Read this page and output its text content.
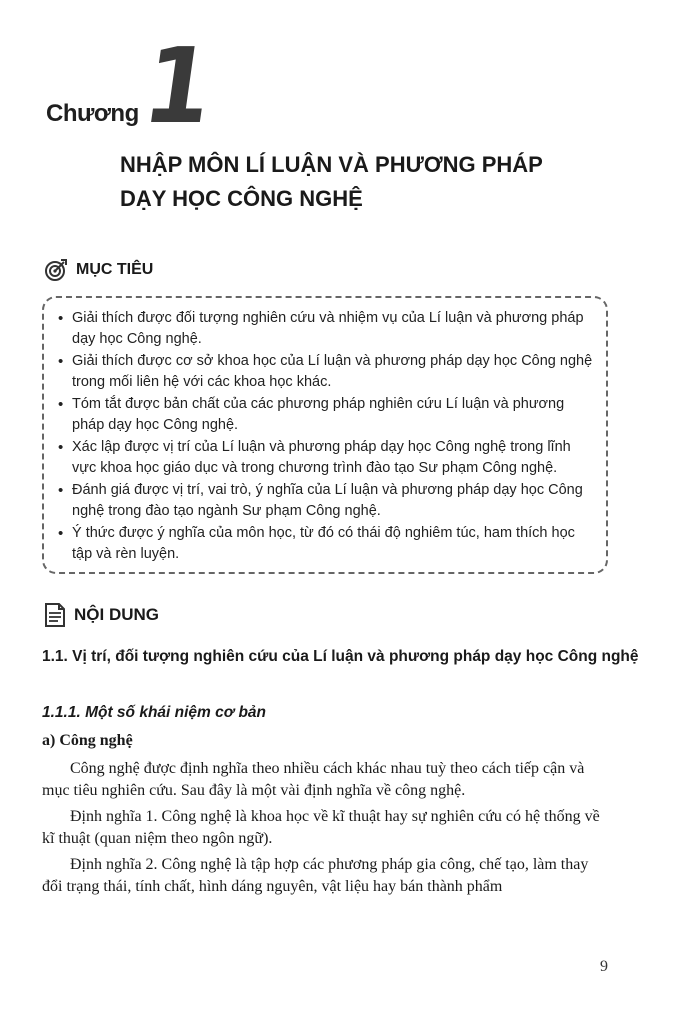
Chương
1
NHẬP MÔN LÍ LUẬN VÀ PHƯƠNG PHÁP
DẠY HỌC CÔNG NGHỆ
MỤC TIÊU
• Giải thích được đối tượng nghiên cứu và nhiệm vụ của Lí luận và phương pháp dạy học Công nghệ.
• Giải thích được cơ sở khoa học của Lí luận và phương pháp dạy học Công nghệ trong mối liên hệ với các khoa học khác.
• Tóm tắt được bản chất của các phương pháp nghiên cứu Lí luận và phương pháp dạy học Công nghệ.
• Xác lập được vị trí của Lí luận và phương pháp dạy học Công nghệ trong lĩnh vực khoa học giáo dục và trong chương trình đào tạo Sư phạm Công nghệ.
• Đánh giá được vị trí, vai trò, ý nghĩa của Lí luận và phương pháp dạy học Công nghệ trong đào tạo ngành Sư phạm Công nghệ.
• Ý thức được ý nghĩa của môn học, từ đó có thái độ nghiêm túc, ham thích học tập và rèn luyện.
NỘI DUNG
1.1. Vị trí, đối tượng nghiên cứu của Lí luận và phương pháp dạy học Công nghệ
1.1.1. Một số khái niệm cơ bản
a) Công nghệ

Công nghệ được định nghĩa theo nhiều cách khác nhau tuỳ theo cách tiếp cận và mục tiêu nghiên cứu. Sau đây là một vài định nghĩa về công nghệ.

Định nghĩa 1. Công nghệ là khoa học về kĩ thuật hay sự nghiên cứu có hệ thống về kĩ thuật (quan niệm theo ngôn ngữ).

Định nghĩa 2. Công nghệ là tập hợp các phương pháp gia công, chế tạo, làm thay đổi trạng thái, tính chất, hình dáng nguyên, vật liệu hay bán thành phẩm

9
